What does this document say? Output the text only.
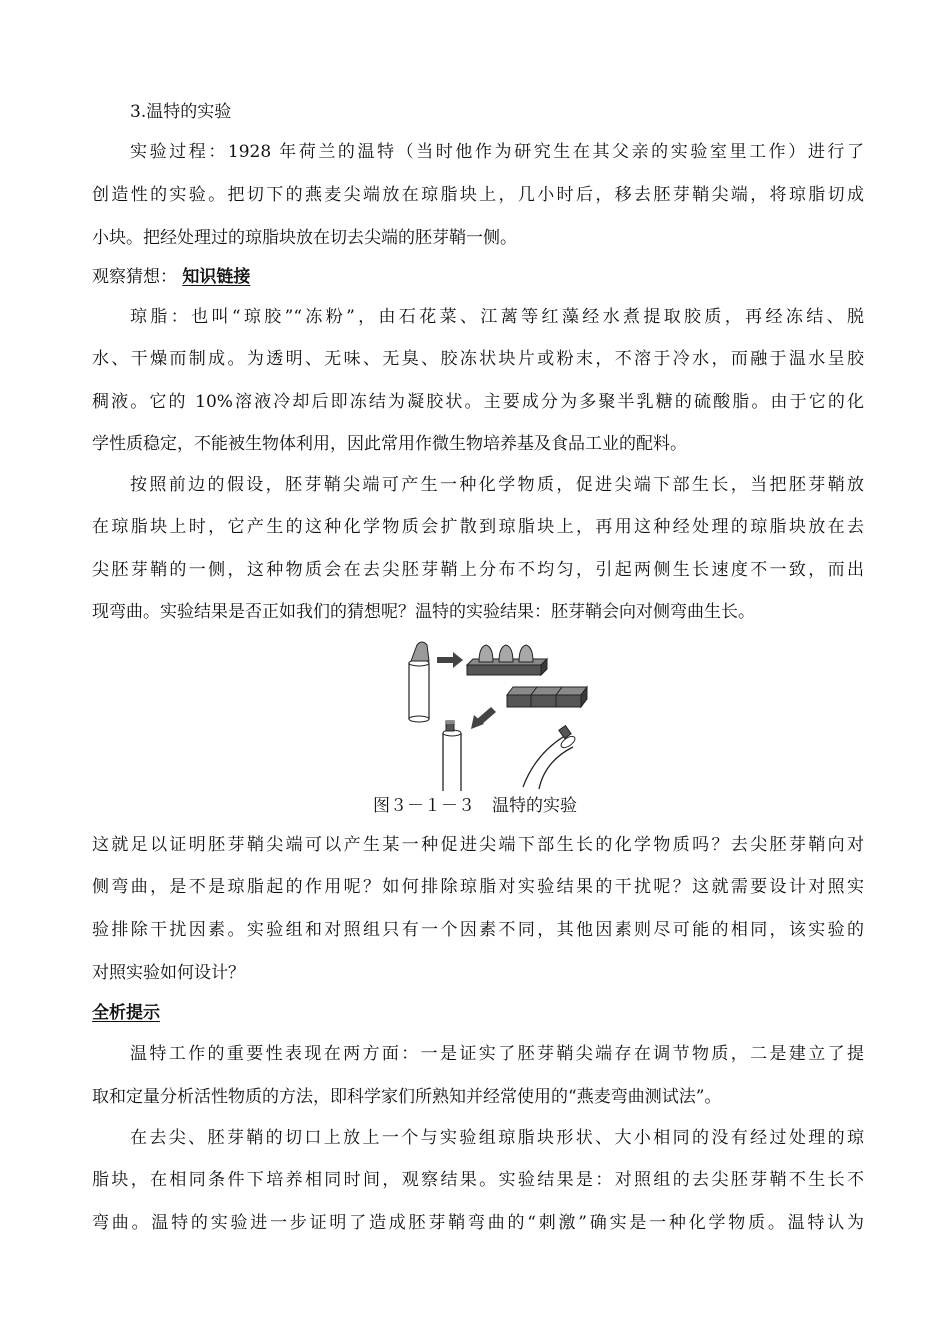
3.温特的实验
实验过程：1928 年荷兰的温特（当时他作为研究生在其父亲的实验室里工作）进行了
创造性的实验。把切下的燕麦尖端放在琼脂块上，几小时后，移去胚芽鞘尖端，将琼脂切成
小块。把经处理过的琼脂块放在切去尖端的胚芽鞘一侧。
观察猜想： 知识链接
琼脂：也叫“琼胶”“冻粉”，由石花菜、江蓠等红藻经水煮提取胶质，再经冻结、脱
水、干燥而制成。为透明、无味、无臭、胶冻状块片或粉末，不溶于冷水，而融于温水呈胶
稠液。它的 10%溶液冷却后即冻结为凝胶状。主要成分为多聚半乳糖的硫酸脂。由于它的化
学性质稳定，不能被生物体利用，因此常用作微生物培养基及食品工业的配料。
按照前边的假设，胚芽鞘尖端可产生一种化学物质，促进尖端下部生长，当把胚芽鞘放
在琼脂块上时，它产生的这种化学物质会扩散到琼脂块上，再用这种经处理的琼脂块放在去
尖胚芽鞘的一侧，这种物质会在去尖胚芽鞘上分布不均匀，引起两侧生长速度不一致，而出
现弯曲。实验结果是否正如我们的猜想呢？温特的实验结果：胚芽鞘会向对侧弯曲生长。
图３－１－３　温特的实验
这就足以证明胚芽鞘尖端可以产生某一种促进尖端下部生长的化学物质吗？去尖胚芽鞘向对
侧弯曲，是不是琼脂起的作用呢？如何排除琼脂对实验结果的干扰呢？这就需要设计对照实
验排除干扰因素。实验组和对照组只有一个因素不同，其他因素则尽可能的相同，该实验的
对照实验如何设计？
全析提示
温特工作的重要性表现在两方面：一是证实了胚芽鞘尖端存在调节物质，二是建立了提
取和定量分析活性物质的方法，即科学家们所熟知并经常使用的“燕麦弯曲测试法”。
在去尖、胚芽鞘的切口上放上一个与实验组琼脂块形状、大小相同的没有经过处理的琼
脂块，在相同条件下培养相同时间，观察结果。实验结果是：对照组的去尖胚芽鞘不生长不
弯曲。温特的实验进一步证明了造成胚芽鞘弯曲的“刺激”确实是一种化学物质。温特认为
